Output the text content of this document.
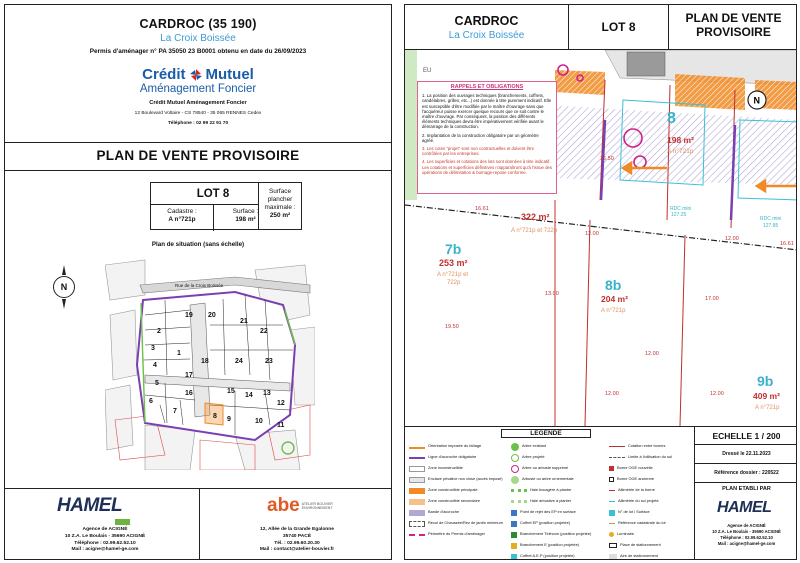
CARDROC (35 190)
La Croix Boissée
Permis d'aménager n° PA 35050 23 B0001 obtenu en date du 26/09/2023
Crédit Mutuel
Aménagement Foncier
Crédit Mutuel Aménagement Foncier
12 Boulevard Voltaire - CS 78540 - 35 065 RENNES Cedex
Téléphone : 02 99 22 91 70
PLAN DE VENTE PROVISOIRE
LOT 8
Cadastre :
A n°721p
Surface :
198 m²
Surface
plancher
maximale :
250 m²
Plan de situation (sans échelle)
N	Rue de la Croix Boissée
1
2
3
4
5
6
7
8 9	10
11
12
13
14
15
16
17
18
19 20
21
22
23
24
HAMEL

Agence de ACIGNÉ
10 Z.A. Le Boulais - 35690 ACIGNÉ
Téléphone : 02.99.62.52.10
Mail : acigne@hamel-ge.com
abe ATELIER BOUVIER ENVIRONNEMENT
12, Allée de la Grande Egalonne
35740 PACÉ
Tél. : 02.99.60.20.30
Mail : contact@atelier-bouvier.fr
CARDROC
La Croix Boissée
LOT 8
PLAN DE VENTE
PROVISOIRE
16.61
12.00
12.00
13.00
19.50
17.00
12.00
12.00
12.00
16.61
16.50
N
8
198 m²
A n°721p
RDC mini
127.25
RDC mini
127.85
322 m²
A n°721p et 722p
7b
253 m²
A n°721p et
722p	8b
204 m²
A n°721p
9b
409 m²
A n°721p
EU
RAPPELS ET OBLIGATIONS

1. La position des ouvrages techniques (branchements, coffrets, candélabres, grilles, etc...) est donnée à titre purement indicatif. Elle est susceptible d'être modifiée par le maître d'ouvrage sans que l'acquéreur puisse exercer quelque recours que ce soit contre le maître d'ouvrage. Par conséquent, la position des différents éléments techniques devra être impérativement vérifiée avant le démarrage de la construction.

2. Implantation de la construction obligatoire par un géomètre agréé.

3. Les cotes "projet" sont non contractuelles et doivent être contrôlées par les entreprises.

4. Les superficies et cotations des lots sont données à titre indicatif. Les cotations et superficies définitives n'apparaîtront qu'à l'issue des opérations de délimitation & bornage-repose conforme.

LEGENDE
Orientation imposée du faîtage
Ligne d'accroche obligatoire
Zone inconstructible
Enclave privative non close (accès imposé)
Zone constructible principale
Zone constructible secondaire
Bande d'accroche
Recul de Chaussée/Rez de jardin minimum
Périmètre du Permis d'aménager
Arbre existant
Arbre projeté
Arbre ou arbuste supprimé
Arbuste ou arbre ornementale
Haie bocagère à planter
Haie arbustive à planter
Point de rejet des EP en surface
Coffret EP (position projetée)
Branchement Télécom (position projetée)
Branchement E (position projetée)
Coffret A.E.P (position projetée)
Cotation entre bornes
Limite à l'utilisation du sol
Borne OGE nouvelle
Borne OGE ancienne
Altimétrie de la borne
Altimétrie du sol projeté
N° de lot / Surface
Référence cadastrale du lot
Luminaire
Place de stationnement
Aire de stationnement
ECHELLE 1 / 200
Dressé le 22.11.2023
Référence dossier : 220522
PLAN ETABLI PAR
HAMEL
Agence de ACIGNÉ
10 Z.A. Le Boulais - 35690 ACIGNÉ
Téléphone : 02.99.62.52.10
Mail : acigne@hamel-ge.com
